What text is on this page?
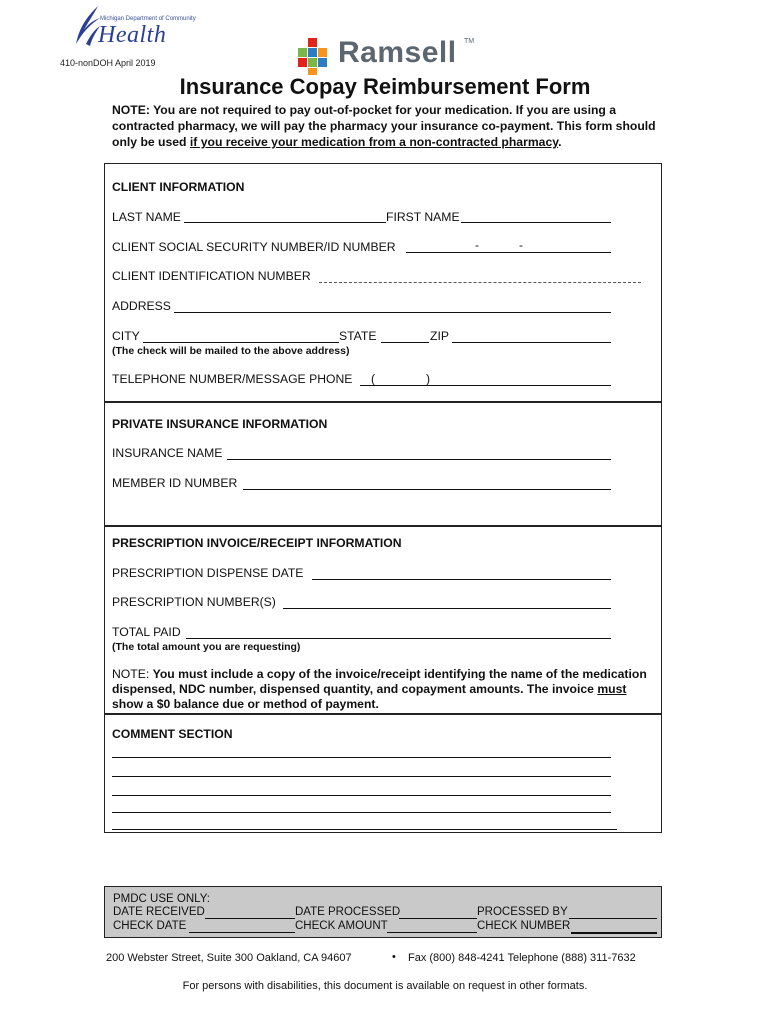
Michigan Department of Community
Health
410-nonDOH April 2019	Ramsell TM
Insurance Copay Reimbursement Form
NOTE: You are not required to pay out-of-pocket for your medication. If you are using a contracted pharmacy, we will pay the pharmacy your insurance co-payment. This form should only be used if you receive your medication from a non-contracted pharmacy.
CLIENT INFORMATION
LAST NAME	FIRST NAME
CLIENT SOCIAL SECURITY NUMBER/ID NUMBER	-	-
CLIENT IDENTIFICATION NUMBER
ADDRESS
CITY	STATE	ZIP
(The check will be mailed to the above address)
TELEPHONE NUMBER/MESSAGE PHONE (	)
PRIVATE INSURANCE INFORMATION
INSURANCE NAME
MEMBER ID NUMBER
PRESCRIPTION INVOICE/RECEIPT INFORMATION
PRESCRIPTION DISPENSE DATE
PRESCRIPTION NUMBER(S)
TOTAL PAID
(The total amount you are requesting)
NOTE: You must include a copy of the invoice/receipt identifying the name of the medication dispensed, NDC number, dispensed quantity, and copayment amounts. The invoice must show a $0 balance due or method of payment.
COMMENT SECTION
PMDC USE ONLY:
DATE RECEIVED	DATE PROCESSED	PROCESSED BY
CHECK DATE	CHECK AMOUNT	CHECK NUMBER
200 Webster Street, Suite 300 Oakland, CA 94607	• Fax (800) 848-4241 Telephone (888) 311-7632
For persons with disabilities, this document is available on request in other formats.
